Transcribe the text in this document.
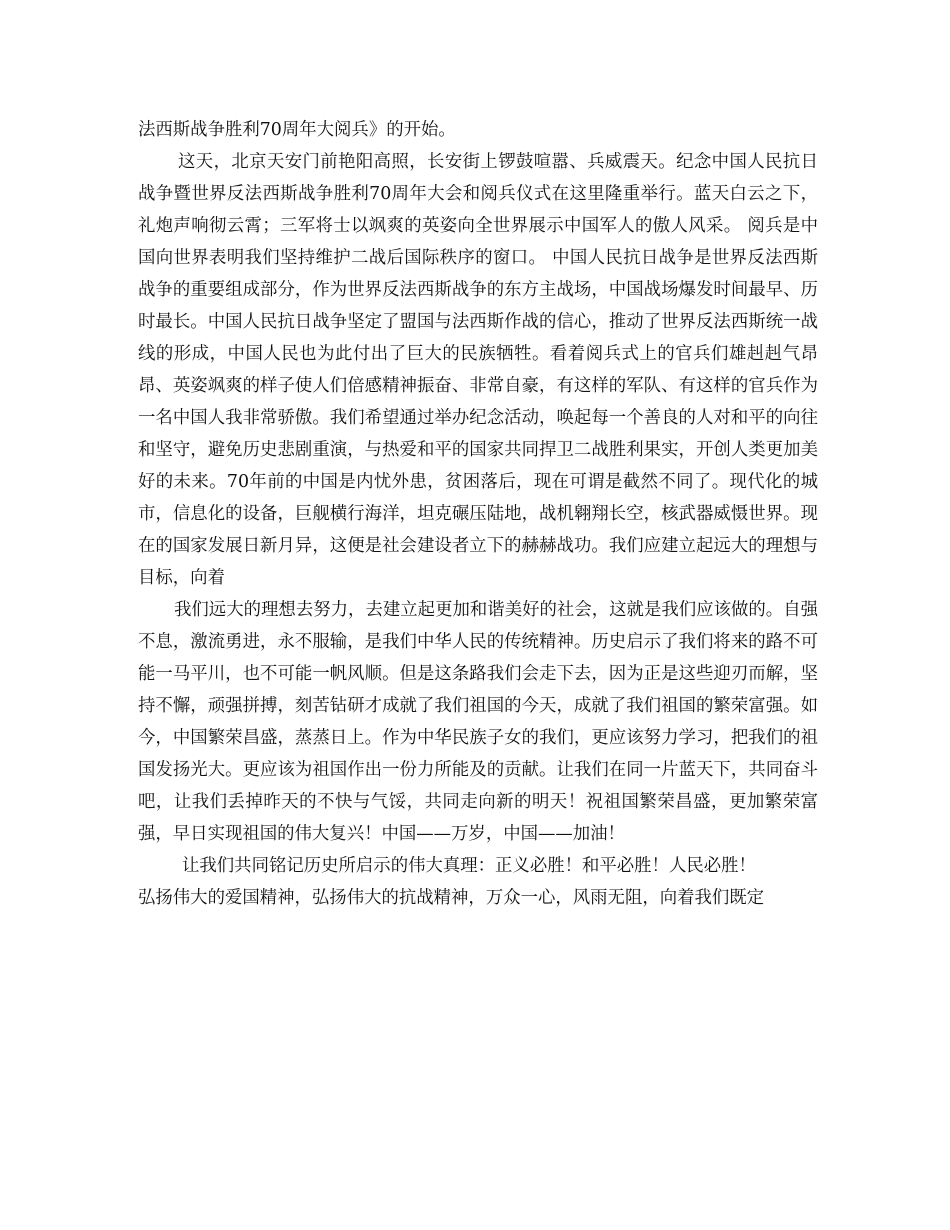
法西斯战争胜利70周年大阅兵》的开始。

这天，北京天安门前艳阳高照，长安街上锣鼓喧嚣、兵威震天。纪念中国人民抗日战争暨世界反法西斯战争胜利70周年大会和阅兵仪式在这里隆重举行。蓝天白云之下，礼炮声响彻云霄；三军将士以飒爽的英姿向全世界展示中国军人的傲人风采。 阅兵是中国向世界表明我们坚持维护二战后国际秩序的窗口。 中国人民抗日战争是世界反法西斯战争的重要组成部分，作为世界反法西斯战争的东方主战场，中国战场爆发时间最早、历时最长。中国人民抗日战争坚定了盟国与法西斯作战的信心，推动了世界反法西斯统一战线的形成，中国人民也为此付出了巨大的民族牺牲。看着阅兵式上的官兵们雄赳赳气昂昂、英姿飒爽的样子使人们倍感精神振奋、非常自豪，有这样的军队、有这样的官兵作为一名中国人我非常骄傲。我们希望通过举办纪念活动，唤起每一个善良的人对和平的向往和坚守，避免历史悲剧重演，与热爱和平的国家共同捍卫二战胜利果实，开创人类更加美好的未来。70年前的中国是内忧外患，贫困落后，现在可谓是截然不同了。现代化的城市，信息化的设备，巨舰横行海洋，坦克碾压陆地，战机翱翔长空，核武器威慑世界。现在的国家发展日新月异，这便是社会建设者立下的赫赫战功。我们应建立起远大的理想与目标，向着

我们远大的理想去努力，去建立起更加和谐美好的社会，这就是我们应该做的。自强不息，激流勇进，永不服输，是我们中华人民的传统精神。历史启示了我们将来的路不可能一马平川，也不可能一帆风顺。但是这条路我们会走下去，因为正是这些迎刃而解，坚持不懈，顽强拼搏，刻苦钻研才成就了我们祖国的今天，成就了我们祖国的繁荣富强。如今，中国繁荣昌盛，蒸蒸日上。作为中华民族子女的我们，更应该努力学习，把我们的祖国发扬光大。更应该为祖国作出一份力所能及的贡献。让我们在同一片蓝天下，共同奋斗吧，让我们丢掉昨天的不快与气馁，共同走向新的明天！祝祖国繁荣昌盛，更加繁荣富强，早日实现祖国的伟大复兴！中国——万岁，中国——加油！

让我们共同铭记历史所启示的伟大真理：正义必胜！和平必胜！人民必胜！

弘扬伟大的爱国精神，弘扬伟大的抗战精神，万众一心，风雨无阻，向着我们既定
